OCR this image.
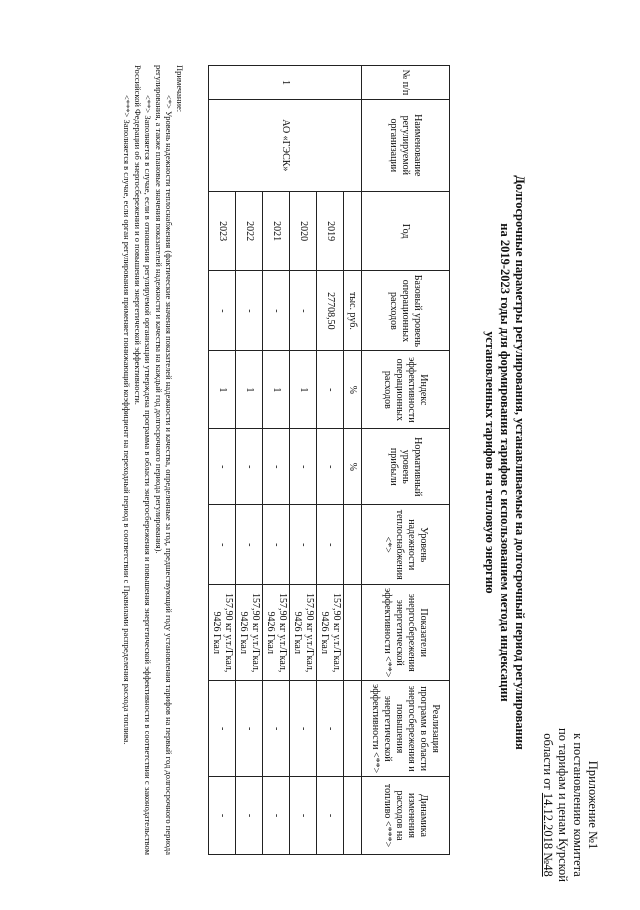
Приложение №1
к постановлению комитета
по тарифам и ценам Курской
области от 14.12.2018 №48
Долгосрочные параметры регулирования, устанавливаемые на долгосрочный период регулирования
на 2019-2023 годы для формирования тарифов с использованием метода индексации
установленных тарифов на тепловую энергию
№ п/п	Наименование регулируемой организации	Год	Базовый уровень операционных расходов	Индекс эффективности операционных расходов	Нормативный уровень прибыли	Уровень надежности теплоснабжения <*>	Показатели энергосбережения энергетической эффективности <**>	Реализация программ в области энергосбережения и повышения энергетической эффективности <**>	Динамика изменения расходов на топливо <***>
1	АО «ГЭСК»		тыс. руб.	%	%				
		2019	27708,50	-	-	-	157,90 кг у.т./Гкал, 9426 Гкал	-	-
		2020	-	1	-	-	157,90 кг у.т./Гкал, 9426 Гкал	-	-
		2021	-	1	-	-	157,90 кг у.т./Гкал, 9426 Гкал	-	-
		2022	-	1	-	-	157,90 кг у.т./Гкал, 9426 Гкал	-	-
		2023	-	1	-	-	157,90 кг у.т./Гкал, 9426 Гкал	-	-

Примечание:

<*> Уровень надежности теплоснабжения (фактические значения показателей надежности и качества, определенные за год, предшествующий году установления тарифов на первый год долгосрочного периода регулирования, а также плановые значения показателей надежности и качества на каждый год долгосрочного периода регулирования).

<**> Заполняется в случае, если в отношении регулируемой организации утверждена программа в области энергосбережения и повышения энергетической эффективности в соответствии с законодательством Российской Федерации об энергосбережении и о повышении энергетической эффективности.

<***> Заполняется в случае, если орган регулирования применяет понижающий коэффициент на переходный период в соответствии с Правилами распределения расхода топлива.
